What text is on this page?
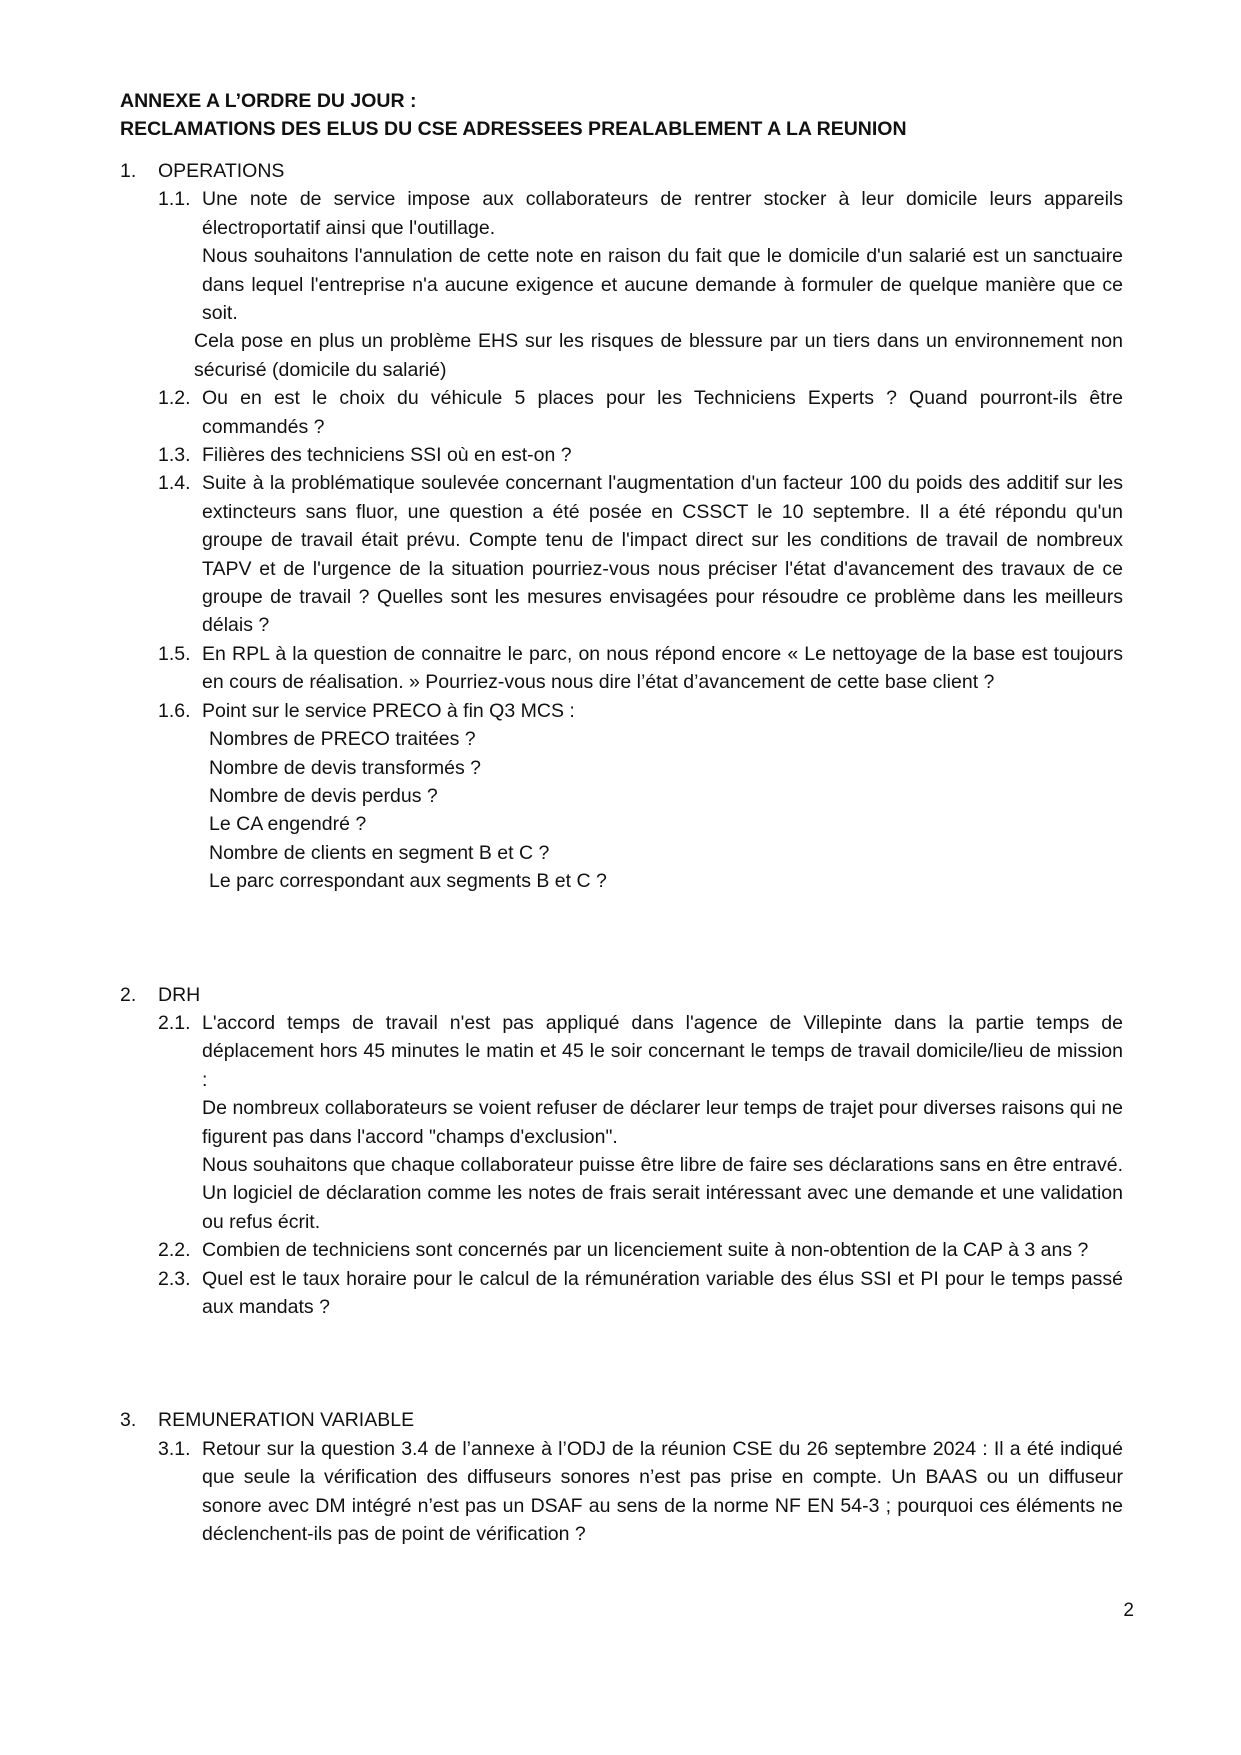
ANNEXE A L’ORDRE DU JOUR :
RECLAMATIONS DES ELUS DU CSE ADRESSEES PREALABLEMENT A LA REUNION
1. OPERATIONS
1.1. Une note de service impose aux collaborateurs de rentrer stocker à leur domicile leurs appareils électroportatif ainsi que l'outillage.
Nous souhaitons l'annulation de cette note en raison du fait que le domicile d'un salarié est un sanctuaire dans lequel l'entreprise n'a aucune exigence et aucune demande à formuler de quelque manière que ce soit.
Cela pose en plus un problème EHS sur les risques de blessure par un tiers dans un environnement non sécurisé (domicile du salarié)
1.2. Ou en est le choix du véhicule 5 places pour les Techniciens Experts ? Quand pourront-ils être commandés ?
1.3. Filières des techniciens SSI où en est-on ?
1.4. Suite à la problématique soulevée concernant l'augmentation d'un facteur 100 du poids des additif sur les extincteurs sans fluor, une question a été posée en CSSCT le 10 septembre. Il a été répondu qu'un groupe de travail était prévu. Compte tenu de l'impact direct sur les conditions de travail de nombreux TAPV et de l'urgence de la situation pourriez-vous nous préciser l'état d'avancement des travaux de ce groupe de travail ? Quelles sont les mesures envisagées pour résoudre ce problème dans les meilleurs délais ?
1.5. En RPL à la question de connaitre le parc, on nous répond encore « Le nettoyage de la base est toujours en cours de réalisation. » Pourriez-vous nous dire l’état d’avancement de cette base client ?
1.6. Point sur le service PRECO à fin Q3 MCS :
Nombres de PRECO traitées ?
Nombre de devis transformés ?
Nombre de devis perdus ?
Le CA engendré ?
Nombre de clients en segment B et C ?
Le parc correspondant aux segments B et C ?
2. DRH
2.1. L'accord temps de travail n'est pas appliqué dans l'agence de Villepinte dans la partie temps de déplacement hors 45 minutes le matin et 45 le soir concernant le temps de travail domicile/lieu de mission :
De nombreux collaborateurs se voient refuser de déclarer leur temps de trajet pour diverses raisons qui ne figurent pas dans l'accord "champs d'exclusion".
Nous souhaitons que chaque collaborateur puisse être libre de faire ses déclarations sans en être entravé. Un logiciel de déclaration comme les notes de frais serait intéressant avec une demande et une validation ou refus écrit.
2.2. Combien de techniciens sont concernés par un licenciement suite à non-obtention de la CAP à 3 ans ?
2.3. Quel est le taux horaire pour le calcul de la rémunération variable des élus SSI et PI pour le temps passé aux mandats ?
3. REMUNERATION VARIABLE
3.1. Retour sur la question 3.4 de l’annexe à l’ODJ de la réunion CSE du 26 septembre 2024 : Il a été indiqué que seule la vérification des diffuseurs sonores n’est pas prise en compte. Un BAAS ou un diffuseur sonore avec DM intégré n’est pas un DSAF au sens de la norme NF EN 54-3 ; pourquoi ces éléments ne déclenchent-ils pas de point de vérification ?
2
